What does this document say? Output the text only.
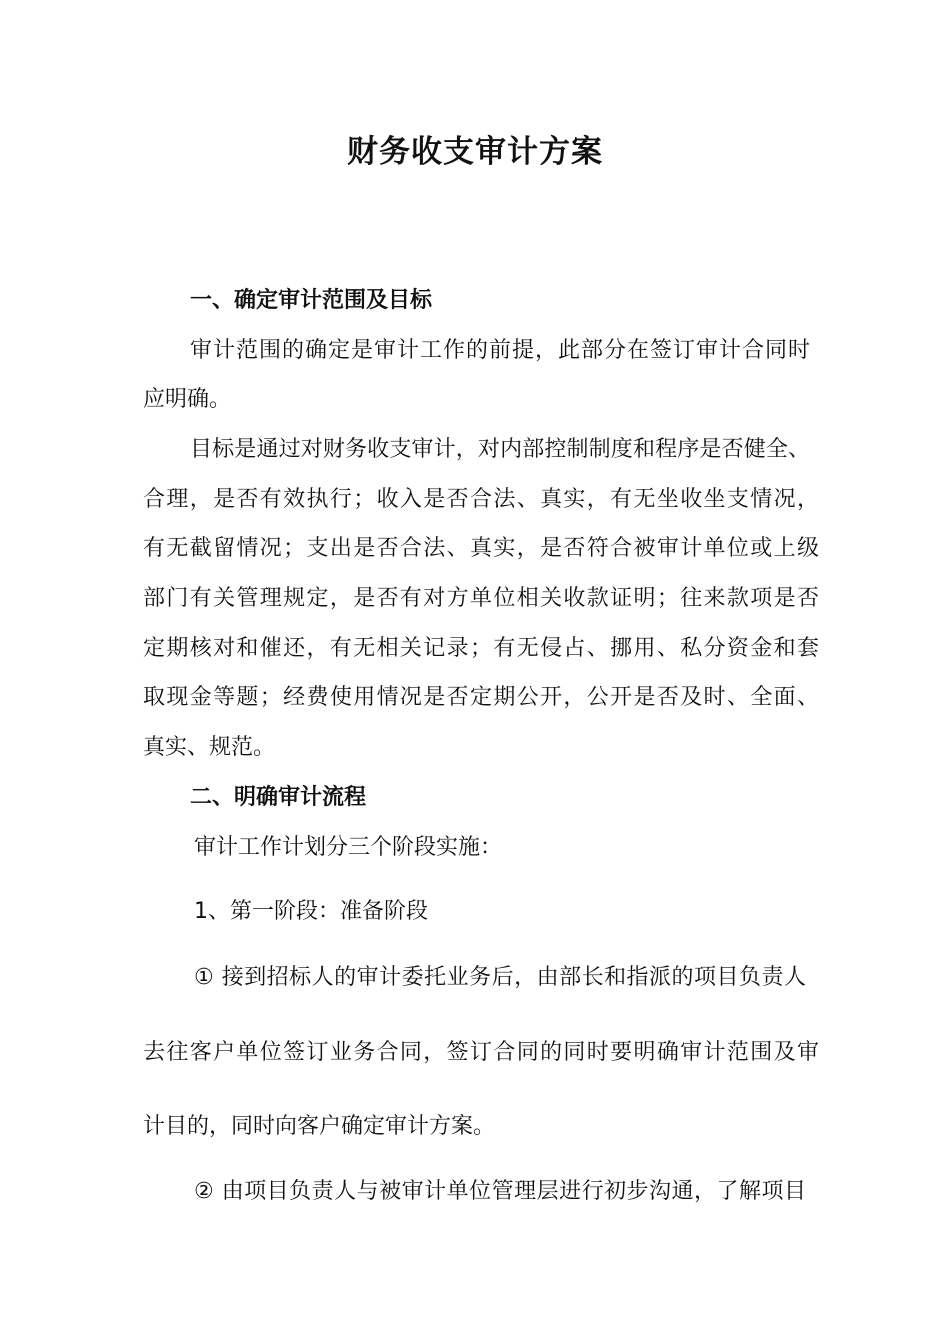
财务收支审计方案

一、确定审计范围及目标

审计范围的确定是审计工作的前提，此部分在签订审计合同时

应明确。

目标是通过对财务收支审计，对内部控制制度和程序是否健全、

合理，是否有效执行；收入是否合法、真实，有无坐收坐支情况，

有无截留情况；支出是否合法、真实，是否符合被审计单位或上级

部门有关管理规定，是否有对方单位相关收款证明；往来款项是否

定期核对和催还，有无相关记录；有无侵占、挪用、私分资金和套

取现金等题；经费使用情况是否定期公开，公开是否及时、全面、

真实、规范。

二、明确审计流程

审计工作计划分三个阶段实施：

1、第一阶段：准备阶段

① 接到招标人的审计委托业务后，由部长和指派的项目负责人

去往客户单位签订业务合同，签订合同的同时要明确审计范围及审

计目的，同时向客户确定审计方案。

② 由项目负责人与被审计单位管理层进行初步沟通，了解项目
